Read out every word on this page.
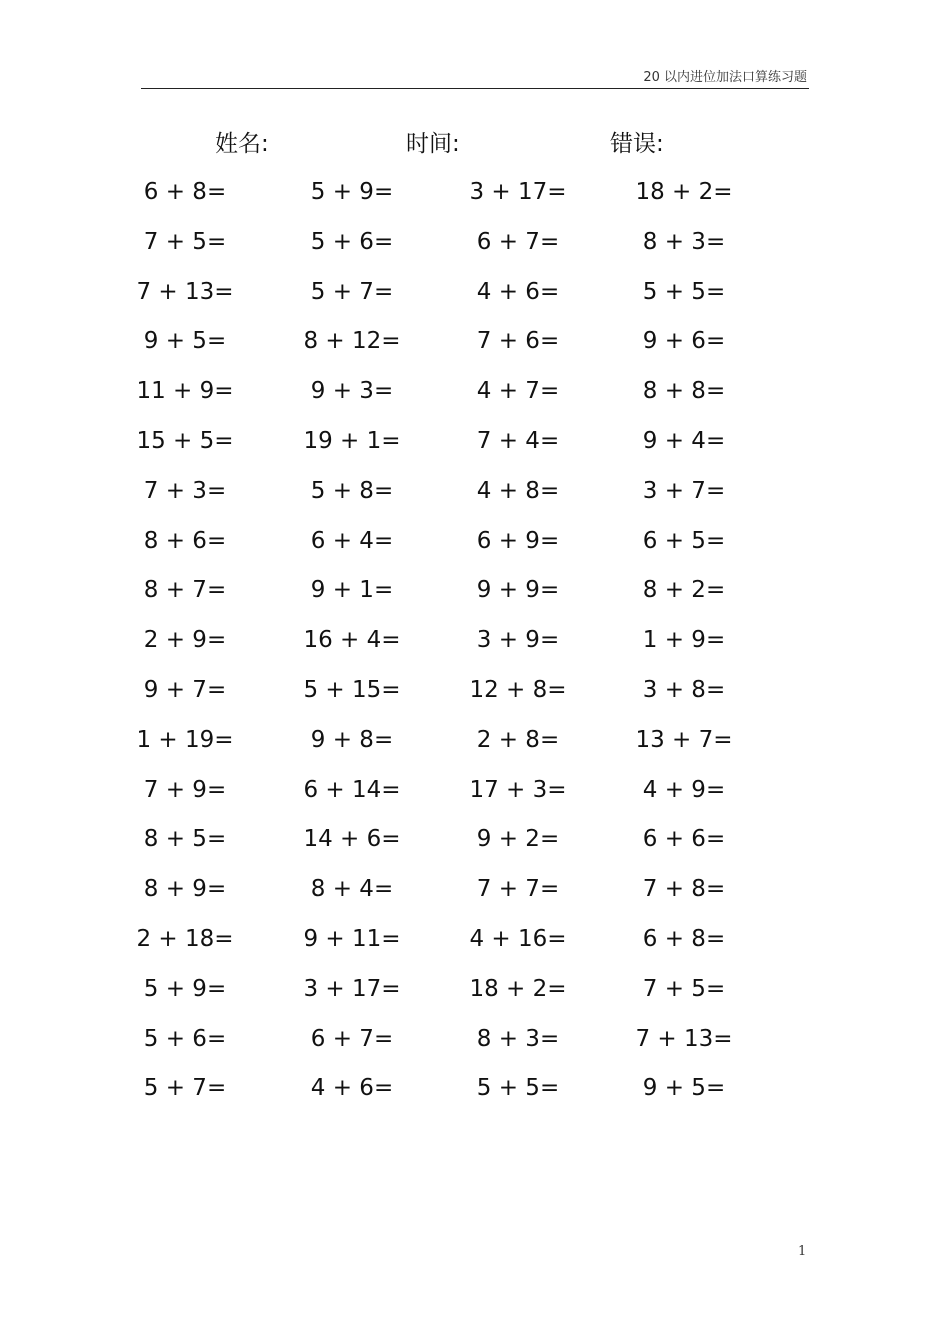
20 以内进位加法口算练习题
姓名:	时间:	错误:
6 + 8=	5 + 9=	3 + 17=	18 + 2=
7 + 5=	5 + 6=	6 + 7=	8 + 3=
7 + 13=	5 + 7=	4 + 6=	5 + 5=
9 + 5=	8 + 12=	7 + 6=	9 + 6=
11 + 9=	9 + 3=	4 + 7=	8 + 8=
15 + 5=	19 + 1=	7 + 4=	9 + 4=
7 + 3=	5 + 8=	4 + 8=	3 + 7=
8 + 6=	6 + 4=	6 + 9=	6 + 5=
8 + 7=	9 + 1=	9 + 9=	8 + 2=
2 + 9=	16 + 4=	3 + 9=	1 + 9=
9 + 7=	5 + 15=	12 + 8=	3 + 8=
1 + 19=	9 + 8=	2 + 8=	13 + 7=
7 + 9=	6 + 14=	17 + 3=	4 + 9=
8 + 5=	14 + 6=	9 + 2=	6 + 6=
8 + 9=	8 + 4=	7 + 7=	7 + 8=
2 + 18=	9 + 11=	4 + 16=	6 + 8=
5 + 9=	3 + 17=	18 + 2=	7 + 5=
5 + 6=	6 + 7=	8 + 3=	7 + 13=
5 + 7=	4 + 6=	5 + 5=	9 + 5=
1
